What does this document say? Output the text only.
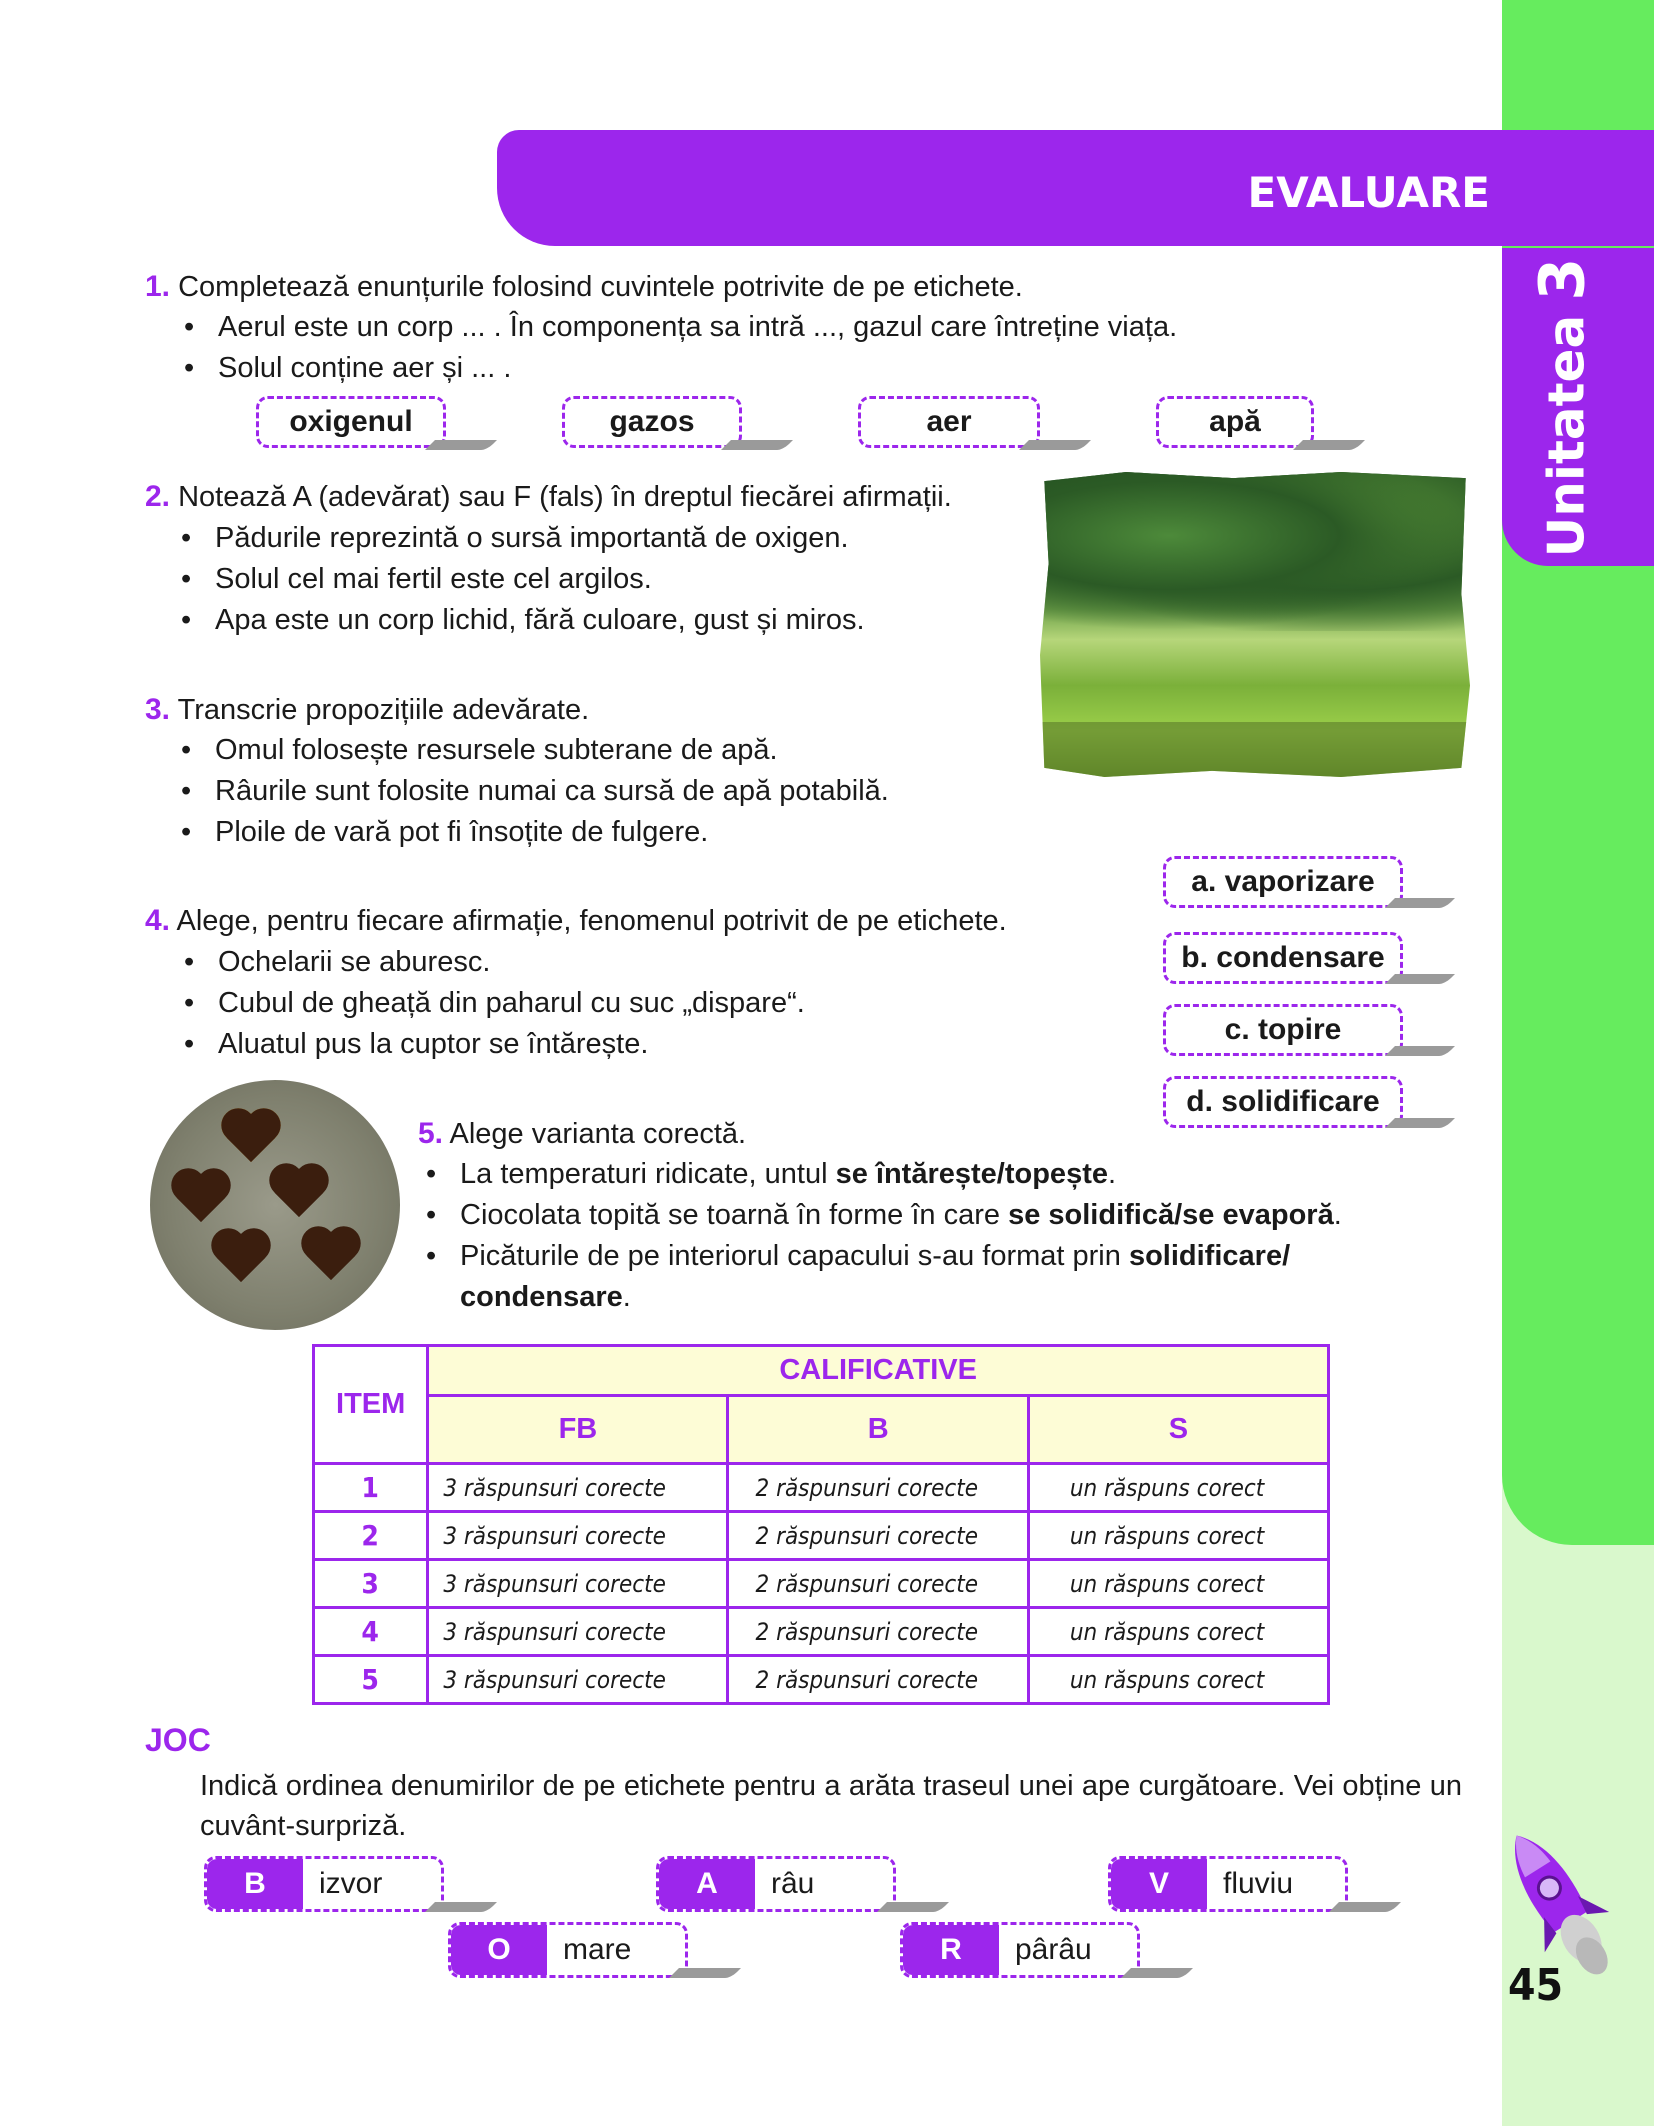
Unitatea3
EVALUARE
1. Completează enunțurile folosind cuvintele potrivite de pe etichete.
• Aerul este un corp ... . În componența sa intră ..., gazul care întreține viața.
• Solul conține aer și ... .
oxigenul	gazos	aer	apă
2. Notează A (adevărat) sau F (fals) în dreptul fiecărei afirmații.
• Pădurile reprezintă o sursă importantă de oxigen.
• Solul cel mai fertil este cel argilos.
• Apa este un corp lichid, fără culoare, gust și miros.
3. Transcrie propozițiile adevărate.
• Omul folosește resursele subterane de apă.
• Râurile sunt folosite numai ca sursă de apă potabilă.
• Ploile de vară pot fi însoțite de fulgere.
4. Alege, pentru fiecare afirmație, fenomenul potrivit de pe etichete.
• Ochelarii se aburesc.
• Cubul de gheață din paharul cu suc „dispare“.
• Aluatul pus la cuptor se întărește.
a. vaporizare
b. condensare
c. topire
d. solidificare
5. Alege varianta corectă.
• La temperaturi ridicate, untul se întărește/topește.
• Ciocolata topită se toarnă în forme în care se solidifică/se evaporă.
• Picăturile de pe interiorul capacului s-au format prin solidificare/ condensare.
ITEM	CALIFICATIVE		
	FB	B	S
1	3 răspunsuri corecte	2 răspunsuri corecte	un răspuns corect
2	3 răspunsuri corecte	2 răspunsuri corecte	un răspuns corect
3	3 răspunsuri corecte	2 răspunsuri corecte	un răspuns corect
4	3 răspunsuri corecte	2 răspunsuri corecte	un răspuns corect
5	3 răspunsuri corecte	2 răspunsuri corecte	un răspuns corect
JOC
Indică ordinea denumirilor de pe etichete pentru a arăta traseul unei ape curgătoare. Vei obține un cuvânt-surpriză.
B	izvor	A	râu	V	fluviu
O	mare	R	pârâu
45
